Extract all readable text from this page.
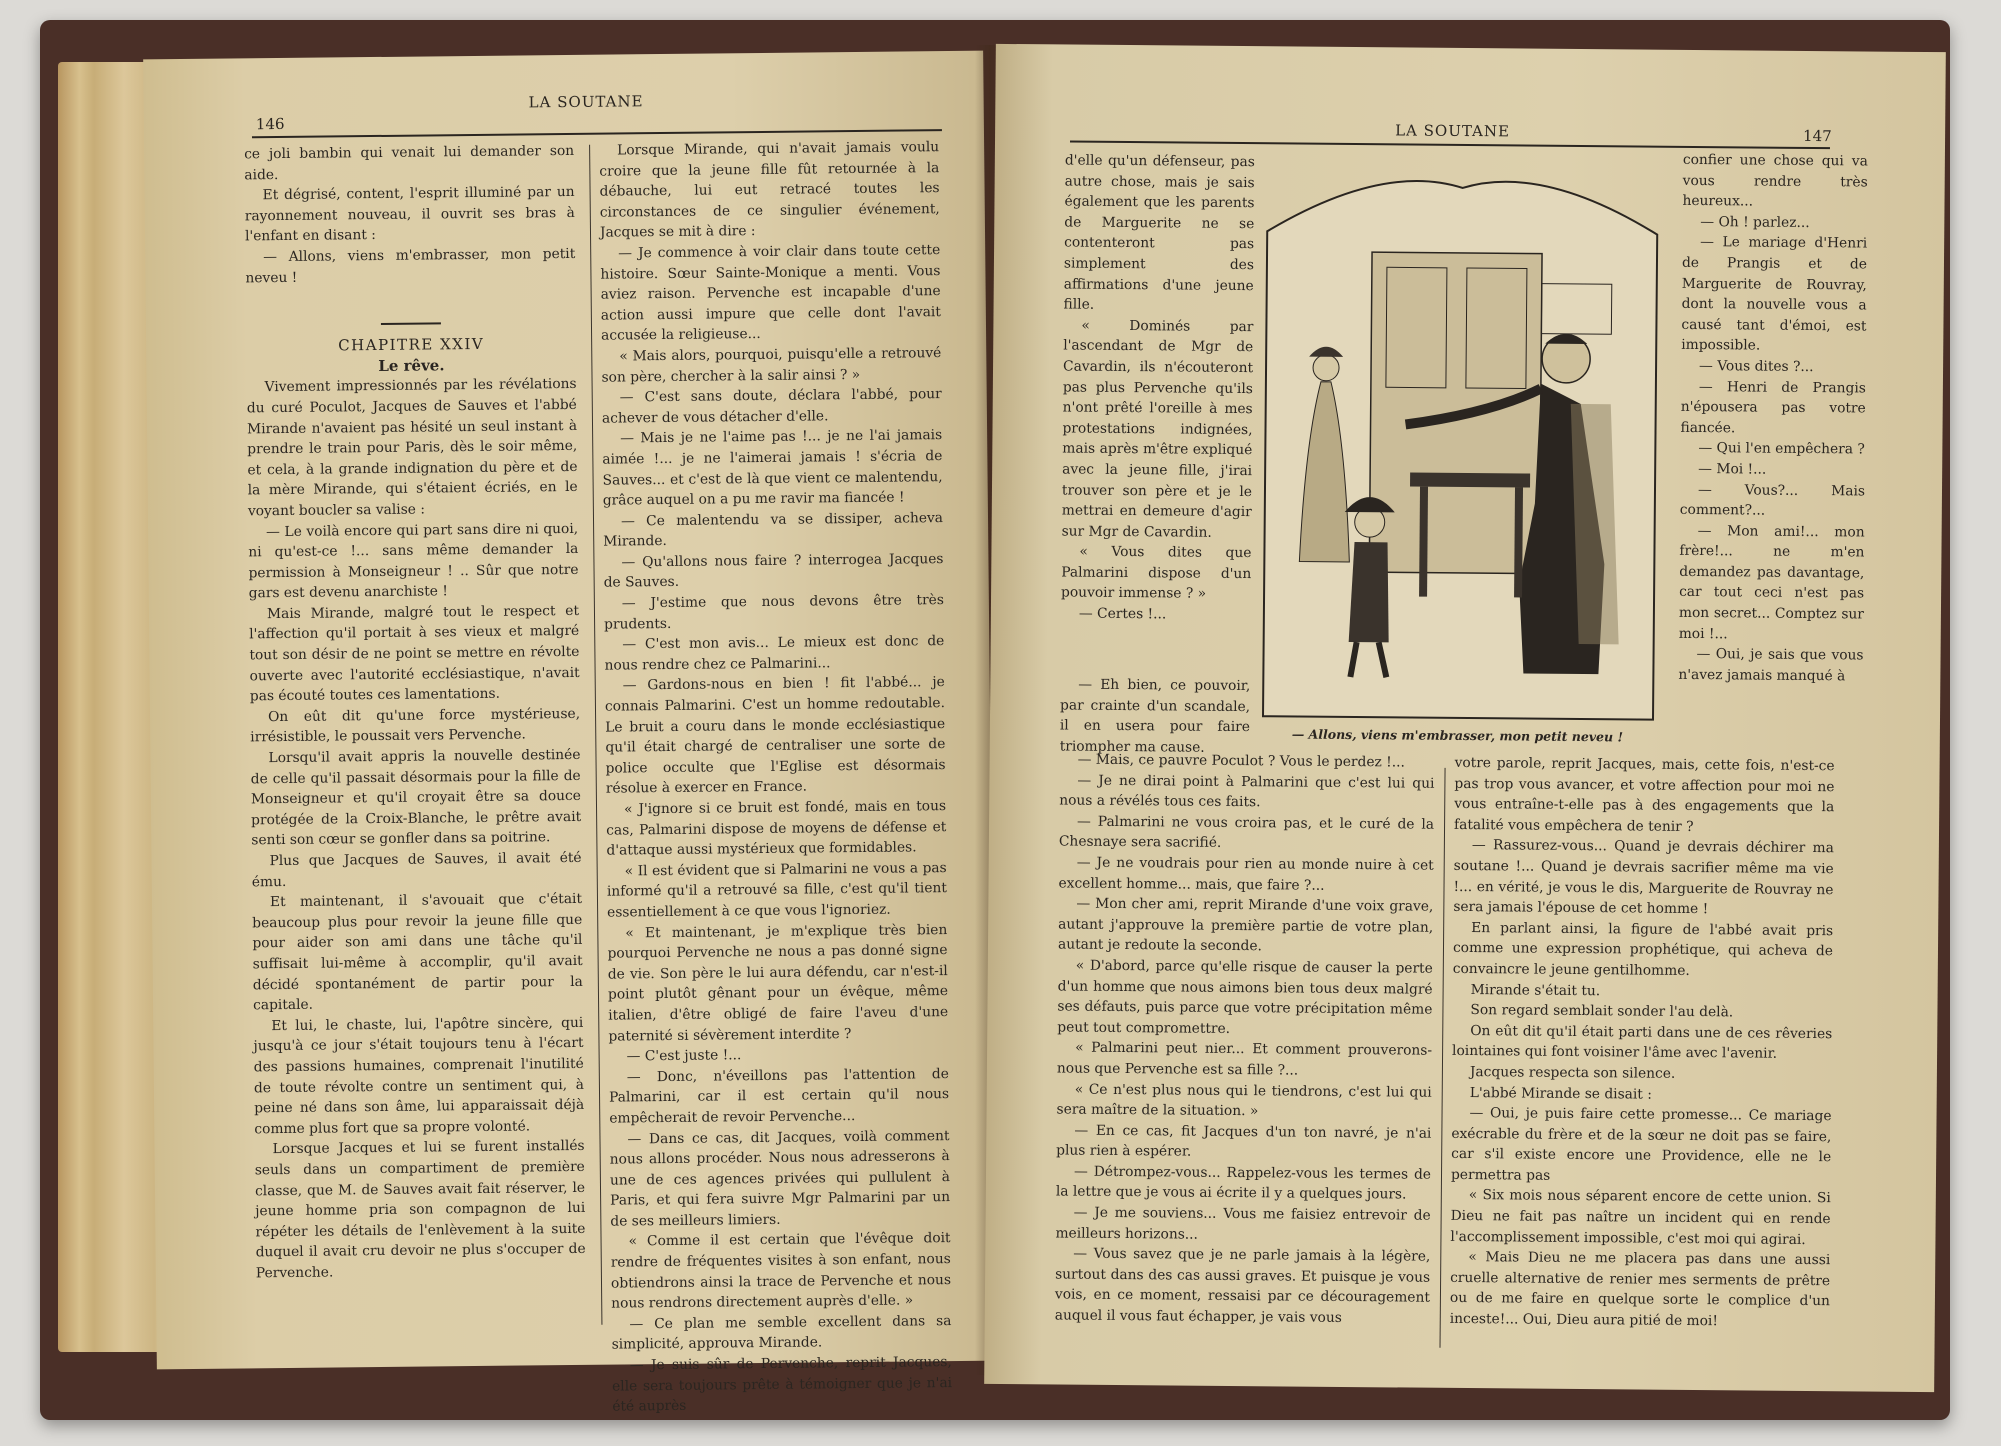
146
LA SOUTANE

ce joli bambin qui venait lui demander son aide.

Et dégrisé, content, l'esprit illuminé par un rayonnement nouveau, il ouvrit ses bras à l'enfant en disant :

— Allons, viens m'embrasser, mon petit neveu !

CHAPITRE XXIV

Le rêve.

Vivement impressionnés par les révélations du curé Poculot, Jacques de Sauves et l'abbé Mirande n'avaient pas hésité un seul instant à prendre le train pour Paris, dès le soir même, et cela, à la grande indignation du père et de la mère Mirande, qui s'étaient écriés, en le voyant boucler sa valise :

— Le voilà encore qui part sans dire ni quoi, ni qu'est-ce !... sans même demander la permission à Monseigneur ! .. Sûr que notre gars est devenu anarchiste !

Mais Mirande, malgré tout le respect et l'affection qu'il portait à ses vieux et malgré tout son désir de ne point se mettre en révolte ouverte avec l'autorité ecclésiastique, n'avait pas écouté toutes ces lamentations.

On eût dit qu'une force mystérieuse, irrésistible, le poussait vers Pervenche.

Lorsqu'il avait appris la nouvelle destinée de celle qu'il passait désormais pour la fille de Monseigneur et qu'il croyait être sa douce protégée de la Croix-Blanche, le prêtre avait senti son cœur se gonfler dans sa poitrine.

Plus que Jacques de Sauves, il avait été ému.

Et maintenant, il s'avouait que c'était beaucoup plus pour revoir la jeune fille que pour aider son ami dans une tâche qu'il suffisait lui-même à accomplir, qu'il avait décidé spontanément de partir pour la capitale.

Et lui, le chaste, lui, l'apôtre sincère, qui jusqu'à ce jour s'était toujours tenu à l'écart des passions humaines, comprenait l'inutilité de toute révolte contre un sentiment qui, à peine né dans son âme, lui apparaissait déjà comme plus fort que sa propre volonté.

Lorsque Jacques et lui se furent installés seuls dans un compartiment de première classe, que M. de Sauves avait fait réserver, le jeune homme pria son compagnon de lui répéter les détails de l'enlèvement à la suite duquel il avait cru devoir ne plus s'occuper de Pervenche.

Lorsque Mirande, qui n'avait jamais voulu croire que la jeune fille fût retournée à la débauche, lui eut retracé toutes les circonstances de ce singulier événement, Jacques se mit à dire :

— Je commence à voir clair dans toute cette histoire. Sœur Sainte-Monique a menti. Vous aviez raison. Pervenche est incapable d'une action aussi impure que celle dont l'avait accusée la religieuse...

« Mais alors, pourquoi, puisqu'elle a retrouvé son père, chercher à la salir ainsi ? »

— C'est sans doute, déclara l'abbé, pour achever de vous détacher d'elle.

— Mais je ne l'aime pas !... je ne l'ai jamais aimée !... je ne l'aimerai jamais ! s'écria de Sauves... et c'est de là que vient ce malentendu, grâce auquel on a pu me ravir ma fiancée !

— Ce malentendu va se dissiper, acheva Mirande.

— Qu'allons nous faire ? interrogea Jacques de Sauves.

— J'estime que nous devons être très prudents.

— C'est mon avis... Le mieux est donc de nous rendre chez ce Palmarini...

— Gardons-nous en bien ! fit l'abbé... je connais Palmarini. C'est un homme redoutable. Le bruit a couru dans le monde ecclésiastique qu'il était chargé de centraliser une sorte de police occulte que l'Eglise est désormais résolue à exercer en France.

« J'ignore si ce bruit est fondé, mais en tous cas, Palmarini dispose de moyens de défense et d'attaque aussi mystérieux que formidables.

« Il est évident que si Palmarini ne vous a pas informé qu'il a retrouvé sa fille, c'est qu'il tient essentiellement à ce que vous l'ignoriez.

« Et maintenant, je m'explique très bien pourquoi Pervenche ne nous a pas donné signe de vie. Son père le lui aura défendu, car n'est-il point plutôt gênant pour un évêque, même italien, d'être obligé de faire l'aveu d'une paternité si sévèrement interdite ?

— C'est juste !...

— Donc, n'éveillons pas l'attention de Palmarini, car il est certain qu'il nous empêcherait de revoir Pervenche...

— Dans ce cas, dit Jacques, voilà comment nous allons procéder. Nous nous adresserons à une de ces agences privées qui pullulent à Paris, et qui fera suivre Mgr Palmarini par un de ses meilleurs limiers.

« Comme il est certain que l'évêque doit rendre de fréquentes visites à son enfant, nous obtiendrons ainsi la trace de Pervenche et nous nous rendrons directement auprès d'elle. »

— Ce plan me semble excellent dans sa simplicité, approuva Mirande.

— Je suis sûr de Pervenche, reprit Jacques, elle sera toujours prête à témoigner que je n'ai été auprès

LA SOUTANE	147

d'elle qu'un défenseur, pas autre chose, mais je sais également que les parents de Marguerite ne se contenteront pas simplement des affirmations d'une jeune fille.

« Dominés par l'ascendant de Mgr de Cavardin, ils n'écouteront pas plus Pervenche qu'ils n'ont prêté l'oreille à mes protestations indignées, mais après m'être expliqué avec la jeune fille, j'irai trouver son père et je le mettrai en demeure d'agir sur Mgr de Cavardin.

« Vous dites que Palmarini dispose d'un pouvoir immense ? »

— Certes !...

— Eh bien, ce pouvoir, par crainte d'un scandale, il en usera pour faire triompher ma cause.

— Allons, viens m'embrasser, mon petit neveu !

confier une chose qui va vous rendre très heureux...

— Oh ! parlez...

— Le mariage d'Henri de Prangis et de Marguerite de Rouvray, dont la nouvelle vous a causé tant d'émoi, est impossible.

— Vous dites ?...

— Henri de Prangis n'épousera pas votre fiancée.

— Qui l'en empêchera ?

— Moi !...

— Vous?... Mais comment?...

— Mon ami!... mon frère!... ne m'en demandez pas davantage, car tout ceci n'est pas mon secret... Comptez sur moi !...

— Oui, je sais que vous n'avez jamais manqué à

— Mais, ce pauvre Poculot ? Vous le perdez !...

— Je ne dirai point à Palmarini que c'est lui qui nous a révélés tous ces faits.

— Palmarini ne vous croira pas, et le curé de la Chesnaye sera sacrifié.

— Je ne voudrais pour rien au monde nuire à cet excellent homme... mais, que faire ?...

— Mon cher ami, reprit Mirande d'une voix grave, autant j'approuve la première partie de votre plan, autant je redoute la seconde.

« D'abord, parce qu'elle risque de causer la perte d'un homme que nous aimons bien tous deux malgré ses défauts, puis parce que votre précipitation même peut tout compromettre.

« Palmarini peut nier... Et comment prouverons-nous que Pervenche est sa fille ?...

« Ce n'est plus nous qui le tiendrons, c'est lui qui sera maître de la situation. »

— En ce cas, fit Jacques d'un ton navré, je n'ai plus rien à espérer.

— Détrompez-vous... Rappelez-vous les termes de la lettre que je vous ai écrite il y a quelques jours.

— Je me souviens... Vous me faisiez entrevoir de meilleurs horizons...

— Vous savez que je ne parle jamais à la légère, surtout dans des cas aussi graves. Et puisque je vous vois, en ce moment, ressaisi par ce découragement auquel il vous faut échapper, je vais vous

votre parole, reprit Jacques, mais, cette fois, n'est-ce pas trop vous avancer, et votre affection pour moi ne vous entraîne-t-elle pas à des engagements que la fatalité vous empêchera de tenir ?

— Rassurez-vous... Quand je devrais déchirer ma soutane !... Quand je devrais sacrifier même ma vie !... en vérité, je vous le dis, Marguerite de Rouvray ne sera jamais l'épouse de cet homme !

En parlant ainsi, la figure de l'abbé avait pris comme une expression prophétique, qui acheva de convaincre le jeune gentilhomme.

Mirande s'était tu.

Son regard semblait sonder l'au delà.

On eût dit qu'il était parti dans une de ces rêveries lointaines qui font voisiner l'âme avec l'avenir.

Jacques respecta son silence.

L'abbé Mirande se disait :

— Oui, je puis faire cette promesse... Ce mariage exécrable du frère et de la sœur ne doit pas se faire, car s'il existe encore une Providence, elle ne le permettra pas

« Six mois nous séparent encore de cette union. Si Dieu ne fait pas naître un incident qui en rende l'accomplissement impossible, c'est moi qui agirai.

« Mais Dieu ne me placera pas dans une aussi cruelle alternative de renier mes serments de prêtre ou de me faire en quelque sorte le complice d'un inceste!... Oui, Dieu aura pitié de moi!
